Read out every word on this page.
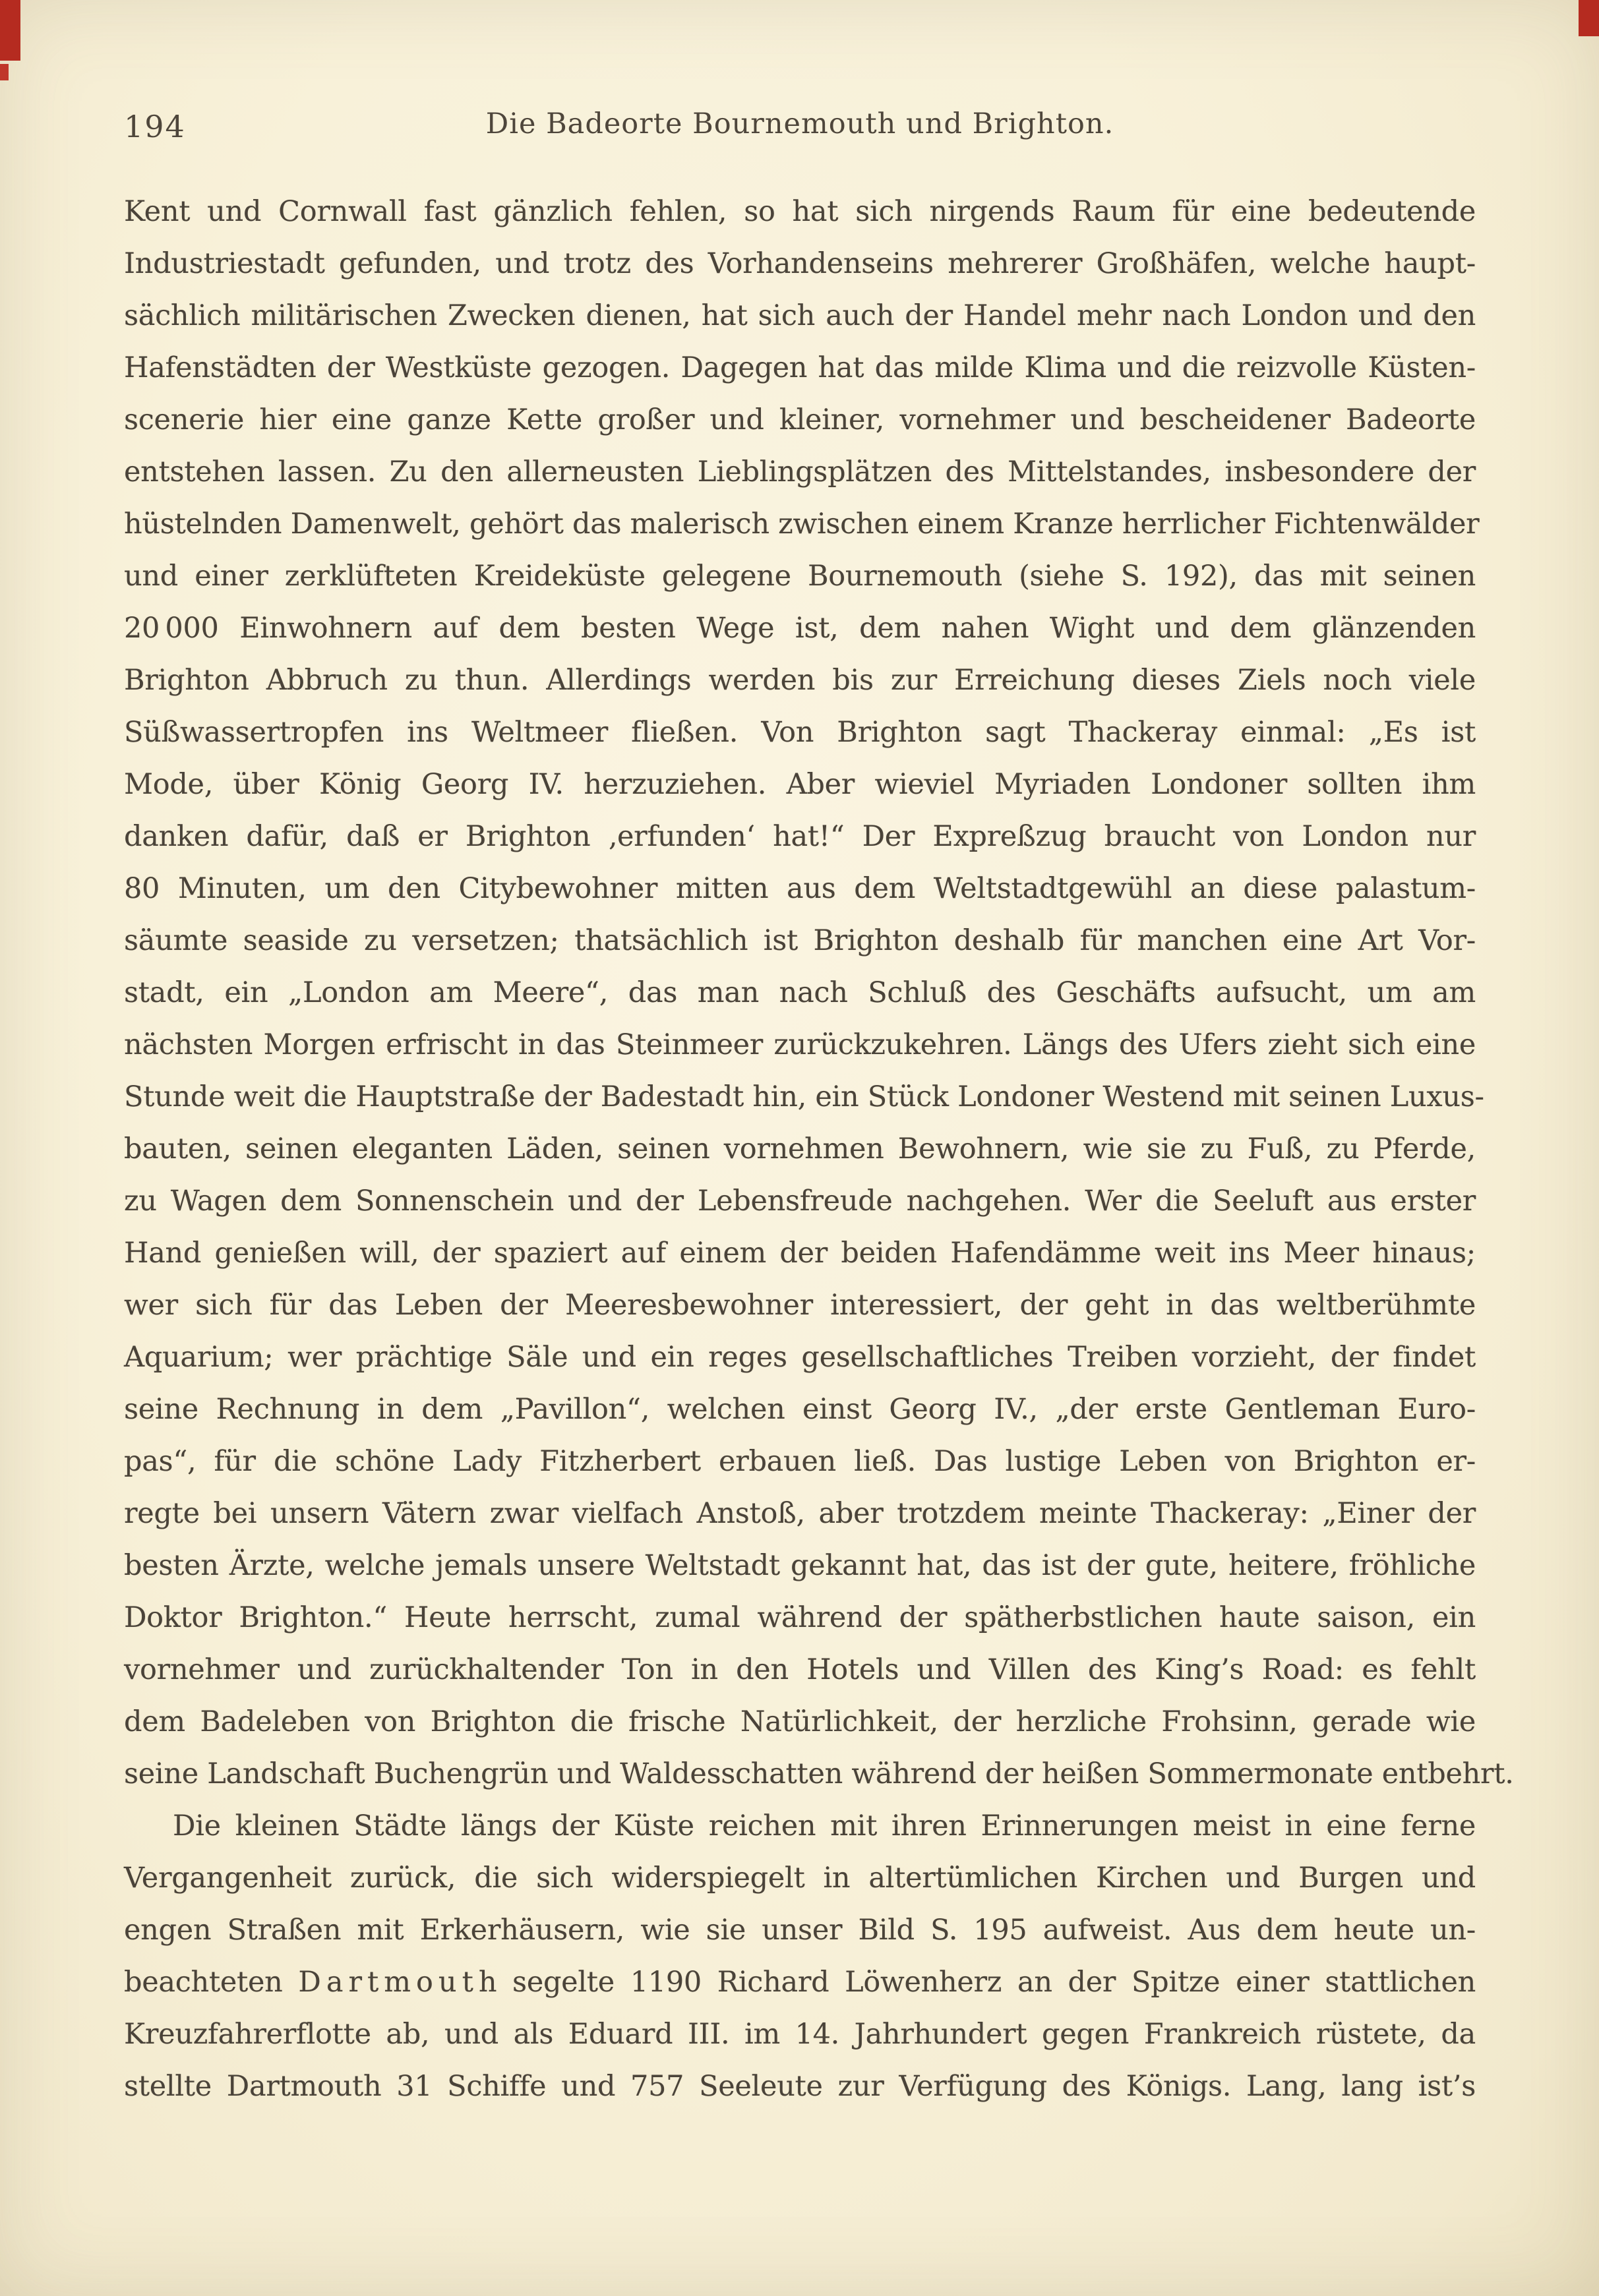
194	Die Badeorte Bournemouth und Brighton.
Kent und Cornwall fast gänzlich fehlen, so hat sich nirgends Raum für eine bedeutende
Industriestadt gefunden, und trotz des Vorhandenseins mehrerer Großhäfen, welche haupt-
sächlich militärischen Zwecken dienen, hat sich auch der Handel mehr nach London und den
Hafenstädten der Westküste gezogen. Dagegen hat das milde Klima und die reizvolle Küsten-
scenerie hier eine ganze Kette großer und kleiner, vornehmer und bescheidener Badeorte
entstehen lassen. Zu den allerneusten Lieblingsplätzen des Mittelstandes, insbesondere der
hüstelnden Damenwelt, gehört das malerisch zwischen einem Kranze herrlicher Fichtenwälder
und einer zerklüfteten Kreideküste gelegene Bournemouth (siehe S. 192), das mit seinen
20 000 Einwohnern auf dem besten Wege ist, dem nahen Wight und dem glänzenden
Brighton Abbruch zu thun. Allerdings werden bis zur Erreichung dieses Ziels noch viele
Süßwassertropfen ins Weltmeer fließen. Von Brighton sagt Thackeray einmal: „Es ist
Mode, über König Georg IV. herzuziehen. Aber wieviel Myriaden Londoner sollten ihm
danken dafür, daß er Brighton ‚erfunden‘ hat!“ Der Expreßzug braucht von London nur
80 Minuten, um den Citybewohner mitten aus dem Weltstadtgewühl an diese palastum-
säumte seaside zu versetzen; thatsächlich ist Brighton deshalb für manchen eine Art Vor-
stadt, ein „London am Meere“, das man nach Schluß des Geschäfts aufsucht, um am
nächsten Morgen erfrischt in das Steinmeer zurückzukehren. Längs des Ufers zieht sich eine
Stunde weit die Hauptstraße der Badestadt hin, ein Stück Londoner Westend mit seinen Luxus-
bauten, seinen eleganten Läden, seinen vornehmen Bewohnern, wie sie zu Fuß, zu Pferde,
zu Wagen dem Sonnenschein und der Lebensfreude nachgehen. Wer die Seeluft aus erster
Hand genießen will, der spaziert auf einem der beiden Hafendämme weit ins Meer hinaus;
wer sich für das Leben der Meeresbewohner interessiert, der geht in das weltberühmte
Aquarium; wer prächtige Säle und ein reges gesellschaftliches Treiben vorzieht, der findet
seine Rechnung in dem „Pavillon“, welchen einst Georg IV., „der erste Gentleman Euro-
pas“, für die schöne Lady Fitzherbert erbauen ließ. Das lustige Leben von Brighton er-
regte bei unsern Vätern zwar vielfach Anstoß, aber trotzdem meinte Thackeray: „Einer der
besten Ärzte, welche jemals unsere Weltstadt gekannt hat, das ist der gute, heitere, fröhliche
Doktor Brighton.“ Heute herrscht, zumal während der spätherbstlichen haute saison, ein
vornehmer und zurückhaltender Ton in den Hotels und Villen des King’s Road: es fehlt
dem Badeleben von Brighton die frische Natürlichkeit, der herzliche Frohsinn, gerade wie
seine Landschaft Buchengrün und Waldesschatten während der heißen Sommermonate entbehrt.
Die kleinen Städte längs der Küste reichen mit ihren Erinnerungen meist in eine ferne
Vergangenheit zurück, die sich widerspiegelt in altertümlichen Kirchen und Burgen und
engen Straßen mit Erkerhäusern, wie sie unser Bild S. 195 aufweist. Aus dem heute un-
beachteten D a r t m o u t h segelte 1190 Richard Löwenherz an der Spitze einer stattlichen
Kreuzfahrerflotte ab, und als Eduard III. im 14. Jahrhundert gegen Frankreich rüstete, da
stellte Dartmouth 31 Schiffe und 757 Seeleute zur Verfügung des Königs. Lang, lang ist’s
